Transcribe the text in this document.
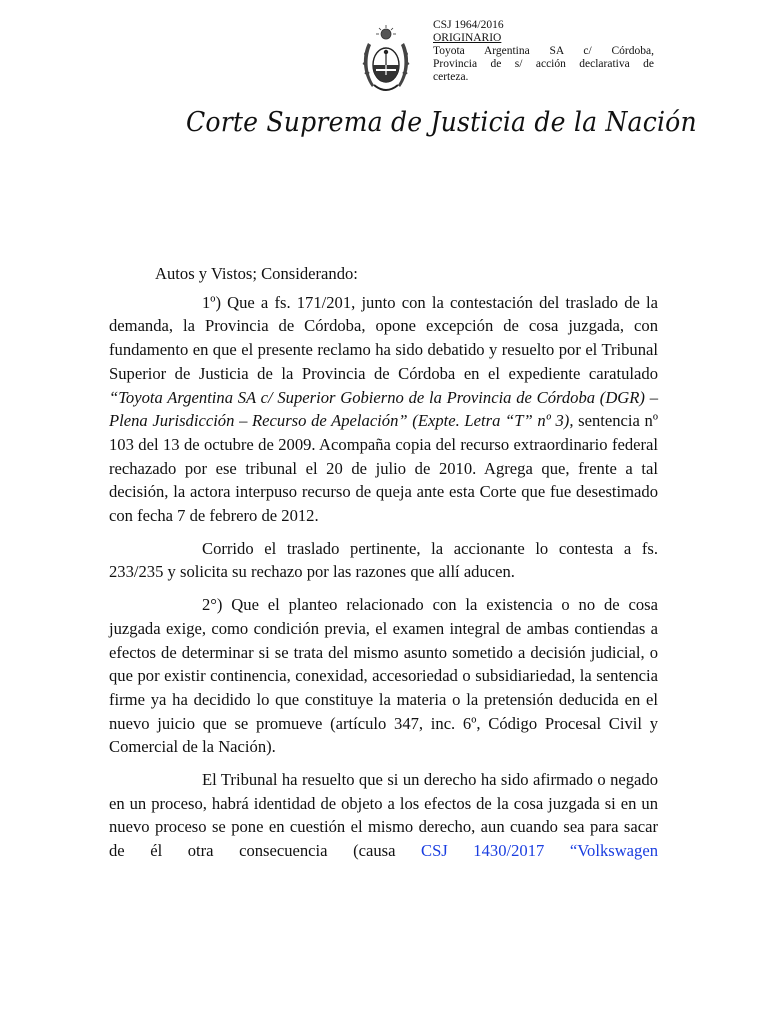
CSJ 1964/2016
ORIGINARIO
Toyota Argentina SA c/ Córdoba,
Provincia de s/ acción declarativa de
certeza.
Corte Suprema de Justicia de la Nación

Autos y Vistos; Considerando:

1º) Que a fs. 171/201, junto con la contestación del traslado de la demanda, la Provincia de Córdoba, opone excepción de cosa juzgada, con fundamento en que el presente reclamo ha sido debatido y resuelto por el Tribunal Superior de Justicia de la Provincia de Córdoba en el expediente caratulado “Toyota Argentina SA c/ Superior Gobierno de la Provincia de Córdoba (DGR) – Plena Jurisdicción – Recurso de Apelación” (Expte. Letra “T” nº 3), sentencia nº 103 del 13 de octubre de 2009. Acompaña copia del recurso extraordinario federal rechazado por ese tribunal el 20 de julio de 2010. Agrega que, frente a tal decisión, la actora interpuso recurso de queja ante esta Corte que fue desestimado con fecha 7 de febrero de 2012.

Corrido el traslado pertinente, la accionante lo contesta a fs. 233/235 y solicita su rechazo por las razones que allí aducen.

2°) Que el planteo relacionado con la existencia o no de cosa juzgada exige, como condición previa, el examen integral de ambas contiendas a efectos de determinar si se trata del mismo asunto sometido a decisión judicial, o que por existir continencia, conexidad, accesoriedad o subsidiariedad, la sentencia firme ya ha decidido lo que constituye la materia o la pretensión deducida en el nuevo juicio que se promueve (artículo 347, inc. 6º, Código Procesal Civil y Comercial de la Nación).

El Tribunal ha resuelto que si un derecho ha sido afirmado o negado en un proceso, habrá identidad de objeto a los efectos de la cosa juzgada si en un nuevo proceso se pone en cuestión el mismo derecho, aun cuando sea para sacar de él otra consecuencia (causa CSJ 1430/2017 “Volkswagen
